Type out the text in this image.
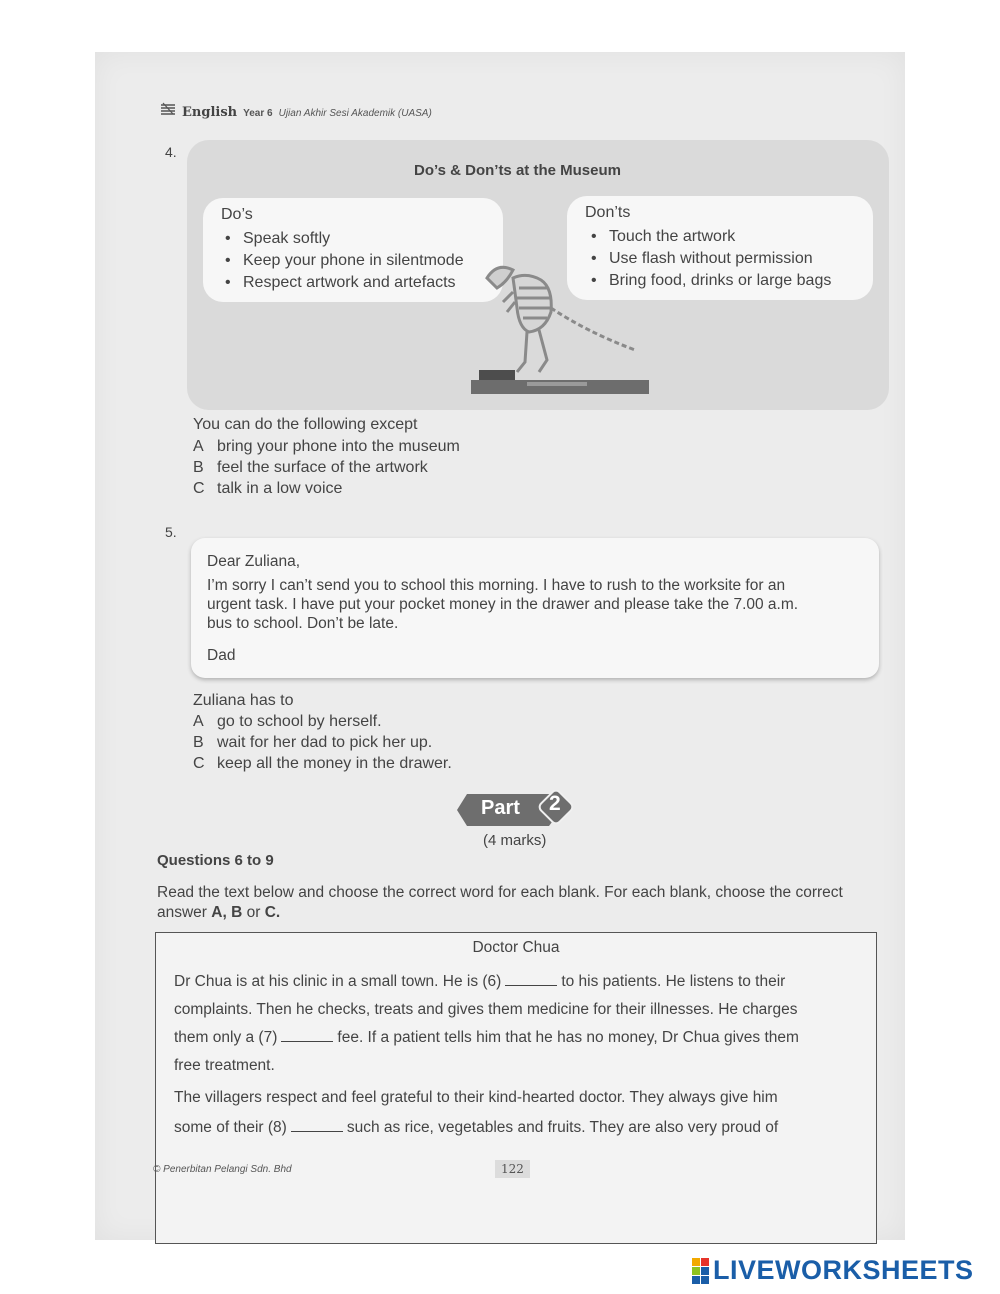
English Year 6 Ujian Akhir Sesi Akademik (UASA)
4.
Do’s & Don’ts at the Museum
Do’s
• Speak softly
• Keep your phone in silentmode
• Respect artwork and artefacts
Don’ts
• Touch the artwork
• Use flash without permission
• Bring food, drinks or large bags
You can do the following except
A bring your phone into the museum
B feel the surface of the artwork
C talk in a low voice
5.
Dear Zuliana,
I’m sorry I can’t send you to school this morning. I have to rush to the worksite for an
urgent task. I have put your pocket money in the drawer and please take the 7.00 a.m.
bus to school. Don’t be late.
Dad
Zuliana has to
A go to school by herself.
B wait for her dad to pick her up.
C keep all the money in the drawer.
Part 2
(4 marks)
Questions 6 to 9
Read the text below and choose the correct word for each blank. For each blank, choose the correct
answer A, B or C.
Doctor Chua
Dr Chua is at his clinic in a small town. He is (6)	to his patients. He listens to their
complaints. Then he checks, treats and gives them medicine for their illnesses. He charges
them only a (7)	fee. If a patient tells him that he has no money, Dr Chua gives them
free treatment.
The villagers respect and feel grateful to their kind-hearted doctor. They always give him
some of their (8)	such as rice, vegetables and fruits. They are also very proud of
© Penerbitan Pelangi Sdn. Bhd	122
LIVEWORKSHEETS
